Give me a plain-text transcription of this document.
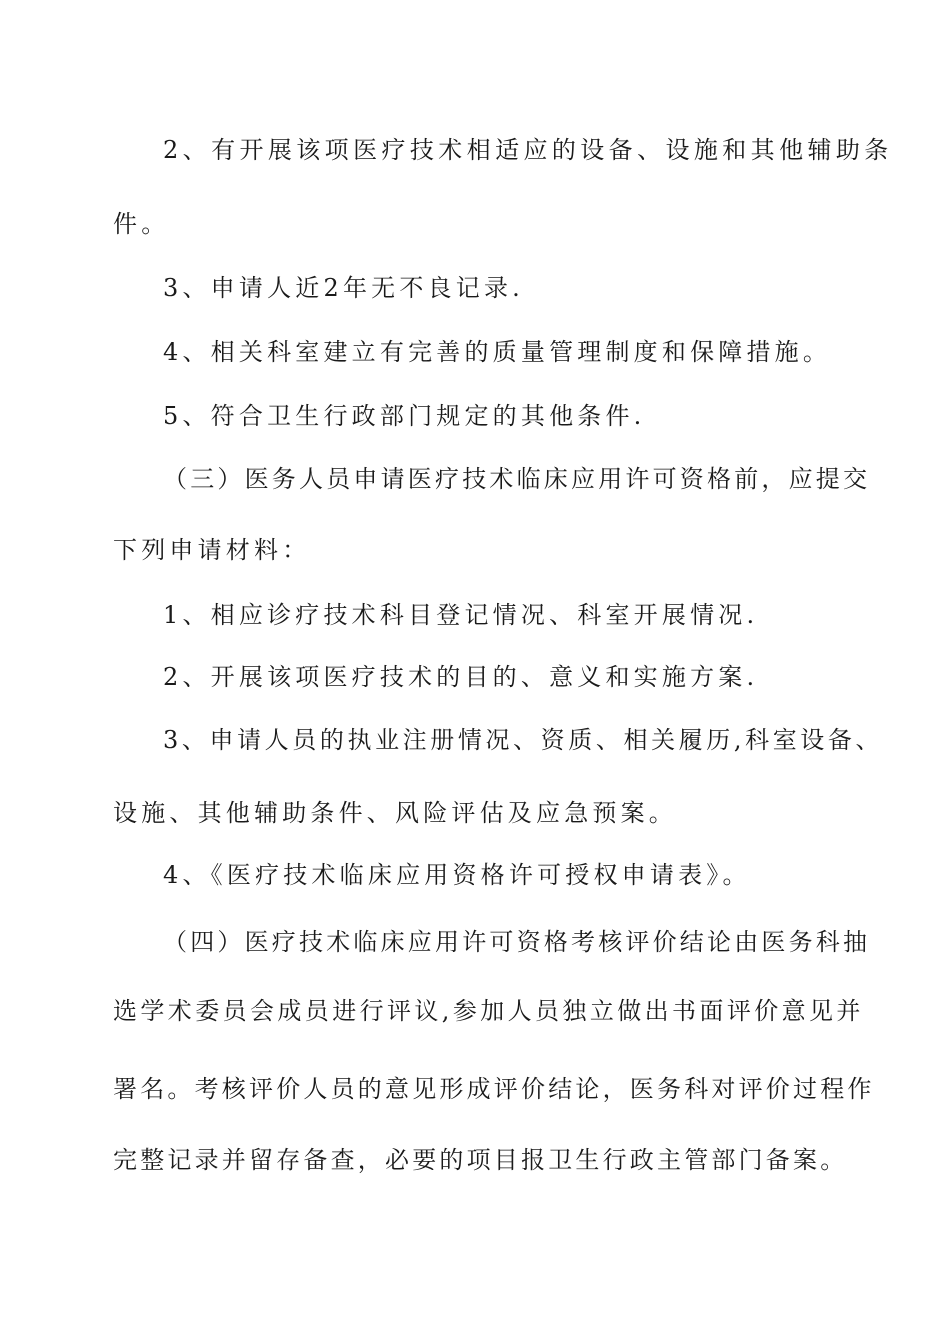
2、有开展该项医疗技术相适应的设备、设施和其他辅助条
件。
3、申请人近2年无不良记录.
4、相关科室建立有完善的质量管理制度和保障措施。
5、符合卫生行政部门规定的其他条件.
（三）医务人员申请医疗技术临床应用许可资格前，应提交
下列申请材料：
1、相应诊疗技术科目登记情况、科室开展情况.
2、开展该项医疗技术的目的、意义和实施方案.
3、申请人员的执业注册情况、资质、相关履历,科室设备、
设施、其他辅助条件、风险评估及应急预案。
4、《医疗技术临床应用资格许可授权申请表》。
（四）医疗技术临床应用许可资格考核评价结论由医务科抽
选学术委员会成员进行评议,参加人员独立做出书面评价意见并
署名。考核评价人员的意见形成评价结论，医务科对评价过程作
完整记录并留存备查，必要的项目报卫生行政主管部门备案。
